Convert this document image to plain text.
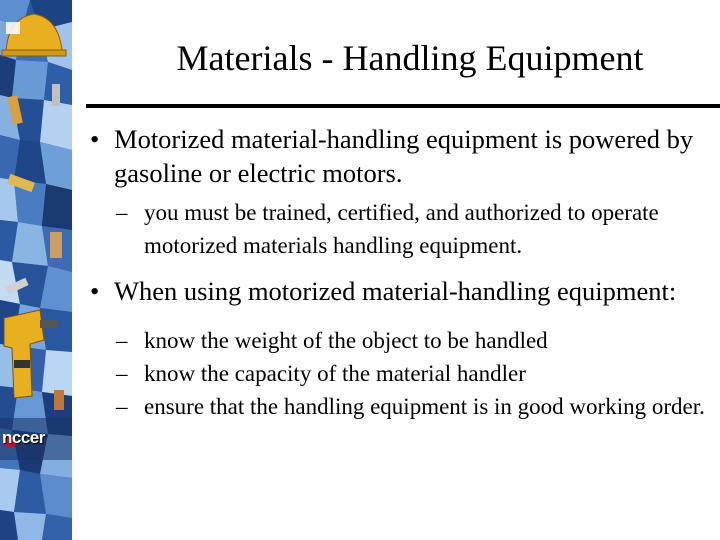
nccer
Materials - Handling Equipment

• Motorized material-handling equipment is powered by gasoline or electric motors.

– you must be trained, certified, and authorized to operate motorized materials handling equipment.

• When using motorized material-handling equipment:

– know the weight of the object to be handled

– know the capacity of the material handler

– ensure that the handling equipment is in good working order.
